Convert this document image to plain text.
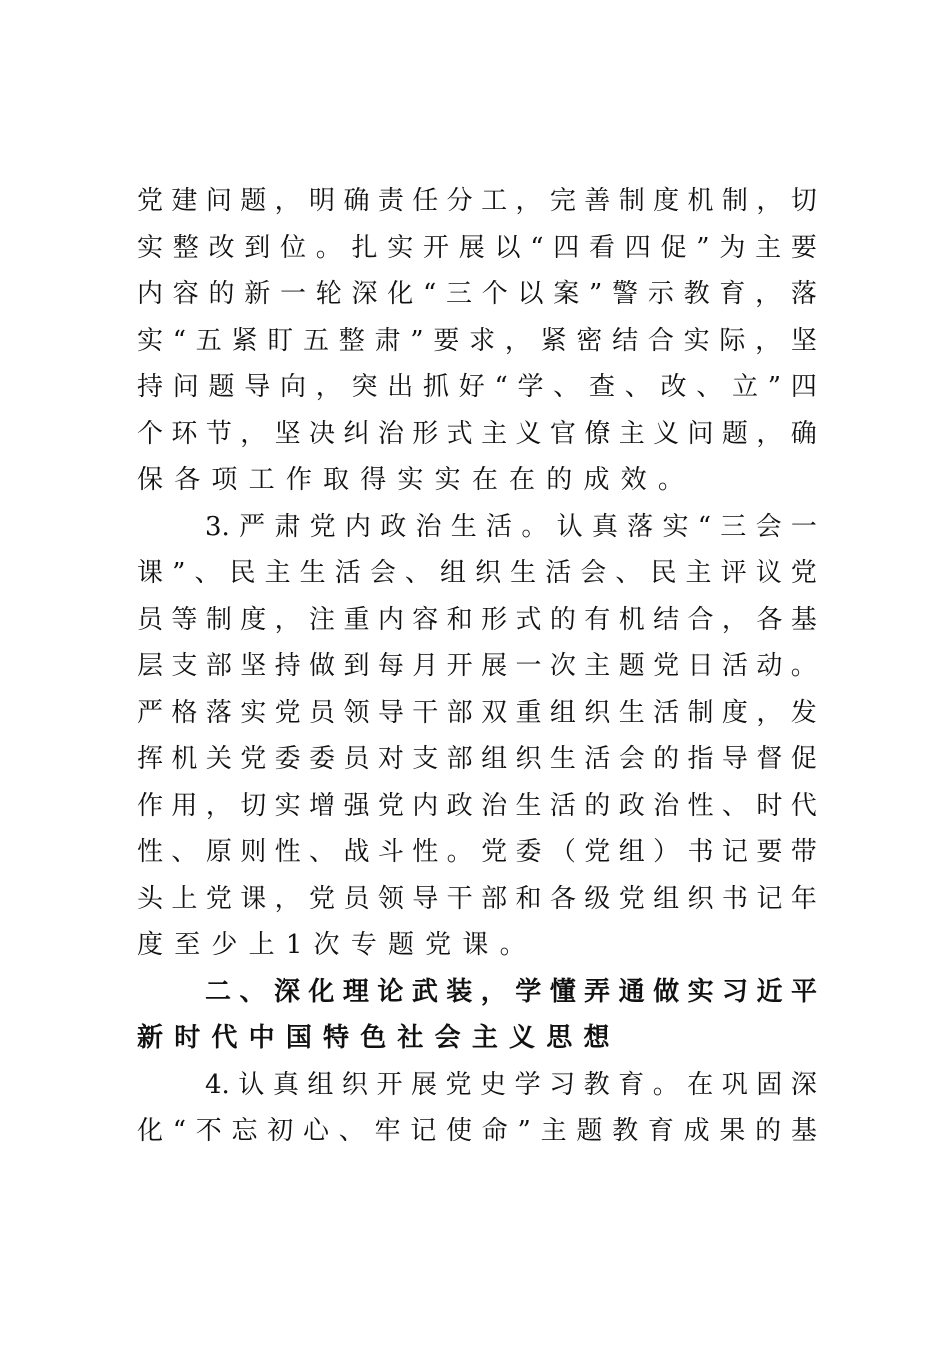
党 建 问 题 ， 明 确 责 任 分 工 ， 完 善 制 度 机 制 ， 切
实 整 改 到 位 。 扎 实 开 展 以 “ 四 看 四 促 ” 为 主 要
内 容 的 新 一 轮 深 化 “ 三 个 以 案 ” 警 示 教 育 ， 落
实 “ 五 紧 盯 五 整 肃 ” 要 求 ， 紧 密 结 合 实 际 ， 坚
持 问 题 导 向 ， 突 出 抓 好 “ 学 、 查 、 改 、 立 ” 四
个 环 节 ， 坚 决 纠 治 形 式 主 义 官 僚 主 义 问 题 ， 确
保 各 项 工 作 取 得 实 实 在 在 的 成 效 。
3. 严 肃 党 内 政 治 生 活 。 认 真 落 实 “ 三 会 一
课 ” 、 民 主 生 活 会 、 组 织 生 活 会 、 民 主 评 议 党
员 等 制 度 ， 注 重 内 容 和 形 式 的 有 机 结 合 ， 各 基
层 支 部 坚 持 做 到 每 月 开 展 一 次 主 题 党 日 活 动 。
严 格 落 实 党 员 领 导 干 部 双 重 组 织 生 活 制 度 ， 发
挥 机 关 党 委 委 员 对 支 部 组 织 生 活 会 的 指 导 督 促
作 用 ， 切 实 增 强 党 内 政 治 生 活 的 政 治 性 、 时 代
性 、 原 则 性 、 战 斗 性 。 党 委 （ 党 组 ） 书 记 要 带
头 上 党 课 ， 党 员 领 导 干 部 和 各 级 党 组 织 书 记 年
度 至 少 上 1 次 专 题 党 课 。
二 、 深 化 理 论 武 装 ， 学 懂 弄 通 做 实 习 近 平
新 时 代 中 国 特 色 社 会 主 义 思 想
4. 认 真 组 织 开 展 党 史 学 习 教 育 。 在 巩 固 深
化 “ 不 忘 初 心 、 牢 记 使 命 ” 主 题 教 育 成 果 的 基
